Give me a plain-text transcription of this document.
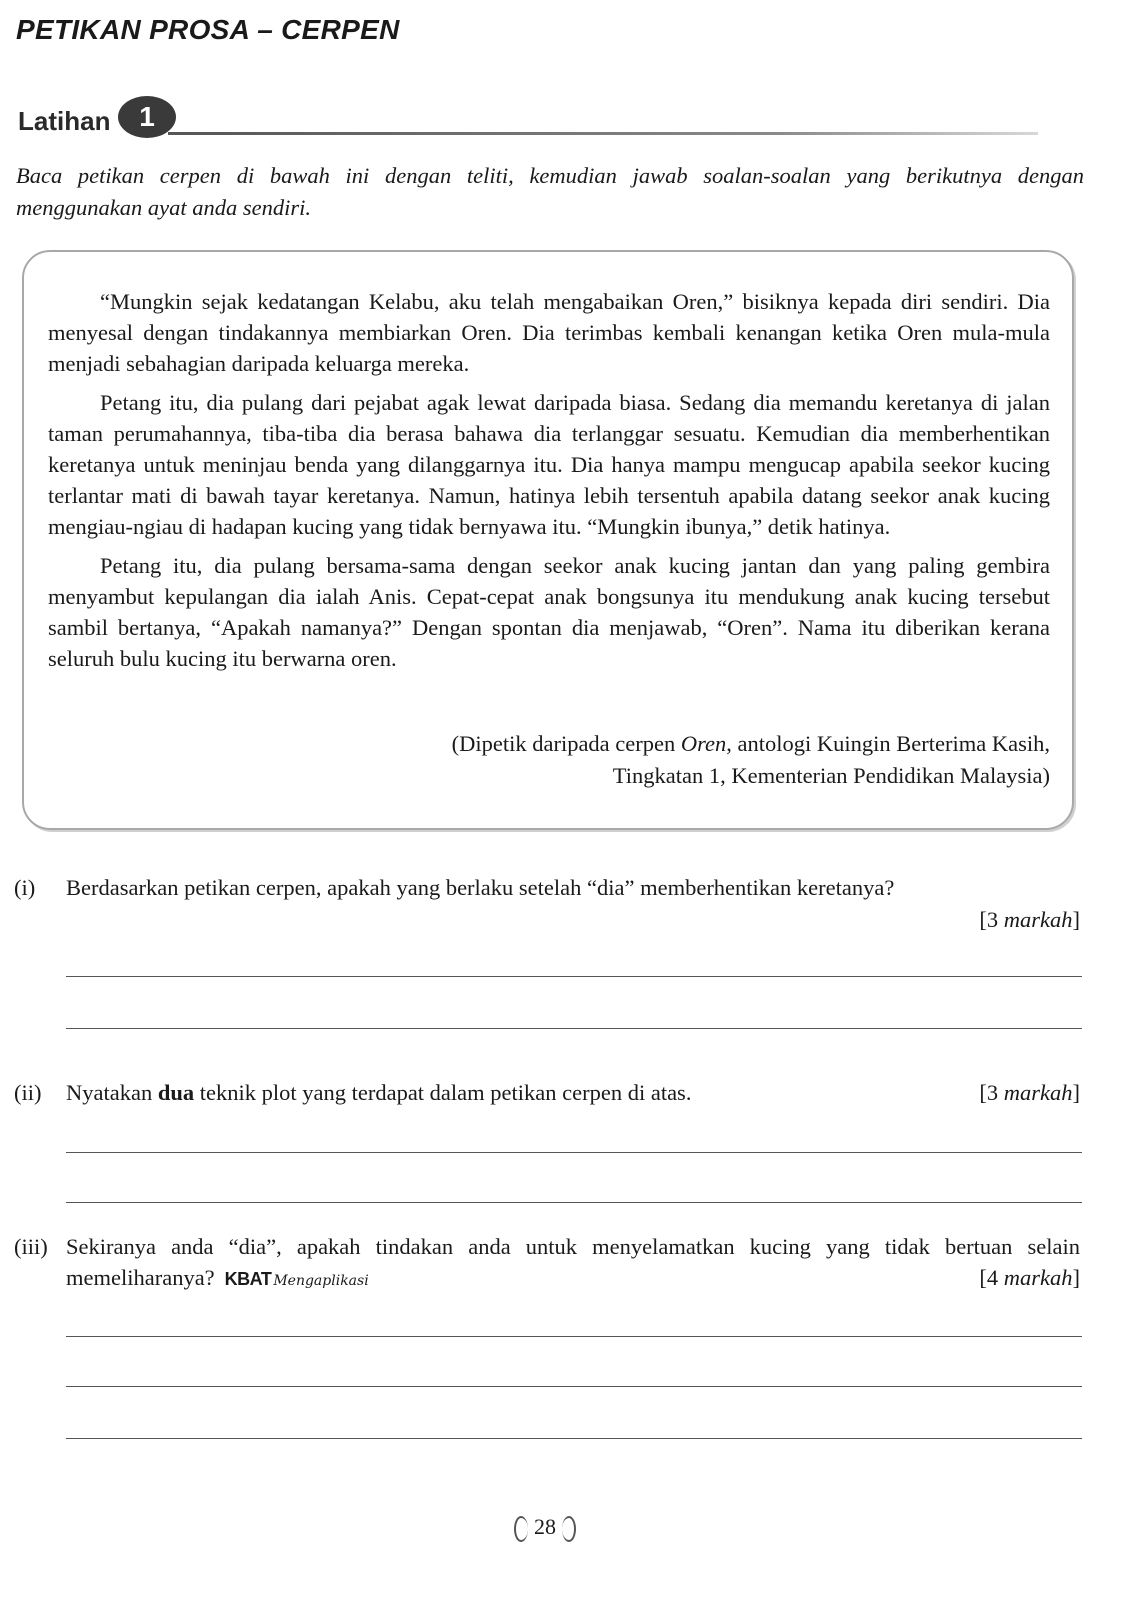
PETIKAN PROSA – CERPEN
Latihan	1
Baca petikan cerpen di bawah ini dengan teliti, kemudian jawab soalan-soalan yang berikutnya dengan menggunakan ayat anda sendiri.

“Mungkin sejak kedatangan Kelabu, aku telah mengabaikan Oren,” bisiknya kepada diri sendiri. Dia menyesal dengan tindakannya membiarkan Oren. Dia terimbas kembali kenangan ketika Oren mula-mula menjadi sebahagian daripada keluarga mereka.

Petang itu, dia pulang dari pejabat agak lewat daripada biasa. Sedang dia memandu keretanya di jalan taman perumahannya, tiba-tiba dia berasa bahawa dia terlanggar sesuatu. Kemudian dia memberhentikan keretanya untuk meninjau benda yang dilanggarnya itu. Dia hanya mampu mengucap apabila seekor kucing terlantar mati di bawah tayar keretanya. Namun, hatinya lebih tersentuh apabila datang seekor anak kucing mengiau-ngiau di hadapan kucing yang tidak bernyawa itu. “Mungkin ibunya,” detik hatinya.

Petang itu, dia pulang bersama-sama dengan seekor anak kucing jantan dan yang paling gembira menyambut kepulangan dia ialah Anis. Cepat-cepat anak bongsunya itu mendukung anak kucing tersebut sambil bertanya, “Apakah namanya?” Dengan spontan dia menjawab, “Oren”. Nama itu diberikan kerana seluruh bulu kucing itu berwarna oren.

(Dipetik daripada cerpen Oren, antologi Kuingin Berterima Kasih,
Tingkatan 1, Kementerian Pendidikan Malaysia)
(i) Berdasarkan petikan cerpen, apakah yang berlaku setelah “dia” memberhentikan keretanya?
[3 markah]
(ii) Nyatakan dua teknik plot yang terdapat dalam petikan cerpen di atas.	[3 markah]
(iii) Sekiranya anda “dia”, apakah tindakan anda untuk menyelamatkan kucing yang tidak bertuan selain memeliharanya? KBAT Mengaplikasi	[4 markah]
28
